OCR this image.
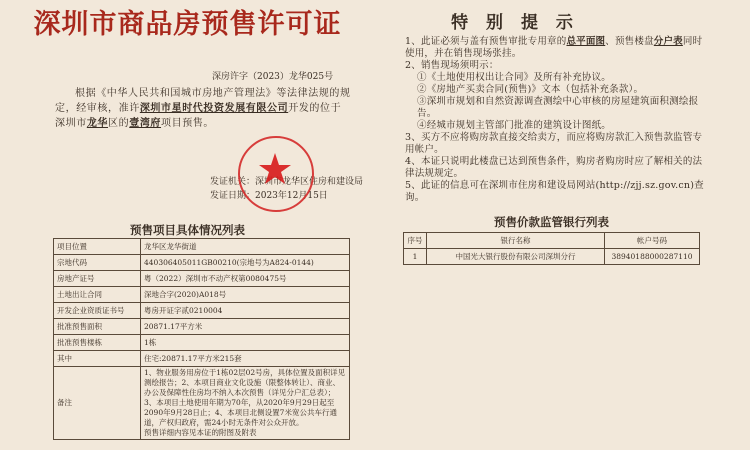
深圳市商品房预售许可证
深房许字（2023）龙华025号
根据《中华人民共和国城市房地产管理法》等法律法规的规定，经审核，准许深圳市星时代投资发展有限公司开发的位于深圳市龙华区的壹湾府项目预售。
发证机关：深圳市龙华区住房和建设局
发证日期：2023年12月15日
预售项目具体情况列表
项目位置	龙华区龙华街道
宗地代码	440306405011GB00210(宗地号为A824-0144)
房地产证号	粤（2022）深圳市不动产权第0080475号
土地出让合同	深地合字(2020)A018号
开发企业资质证书号	粤房开证字贰0210004
批准预售面积	20871.17平方米
批准预售楼栋	1栋
其中	住宅:20871.17平方米215套
备注	1、物业服务用房位于1栋02层02号房，具体位置及面积详见测绘报告；2、本项目商业文化设施（限整体转让）、商业、办公及保障性住房均不纳入本次预售（详见分户汇总表）；3、本项目土地使用年期为70年，从2020年9月29日起至2090年9月28日止；4、本项目北侧设置7米宽公共车行通道，产权归政府，需24小时无条件对公众开放。
预售详细内容见本证的附图及附表
特 别 提 示

1、此证必须与盖有预售审批专用章的总平面图、预售楼盘分户表同时使用，并在销售现场张挂。

2、销售现场须明示：

①《土地使用权出让合同》及所有补充协议。

②《房地产买卖合同(预售)》文本（包括补充条款）。

③深圳市规划和自然资源调查测绘中心审核的房屋建筑面积测绘报告。

④经城市规划主管部门批准的建筑设计图纸。

3、买方不应将购房款直接交给卖方，而应将购房款汇入预售款监管专用帐户。

4、本证只说明此楼盘已达到预售条件，购房者购房时应了解相关的法律法规规定。

5、此证的信息可在深圳市住房和建设局网站(http://zjj.sz.gov.cn)查询。

预售价款监管银行列表
序号	银行名称	帐户号码
1	中国光大银行股份有限公司深圳分行	38940188000287110
